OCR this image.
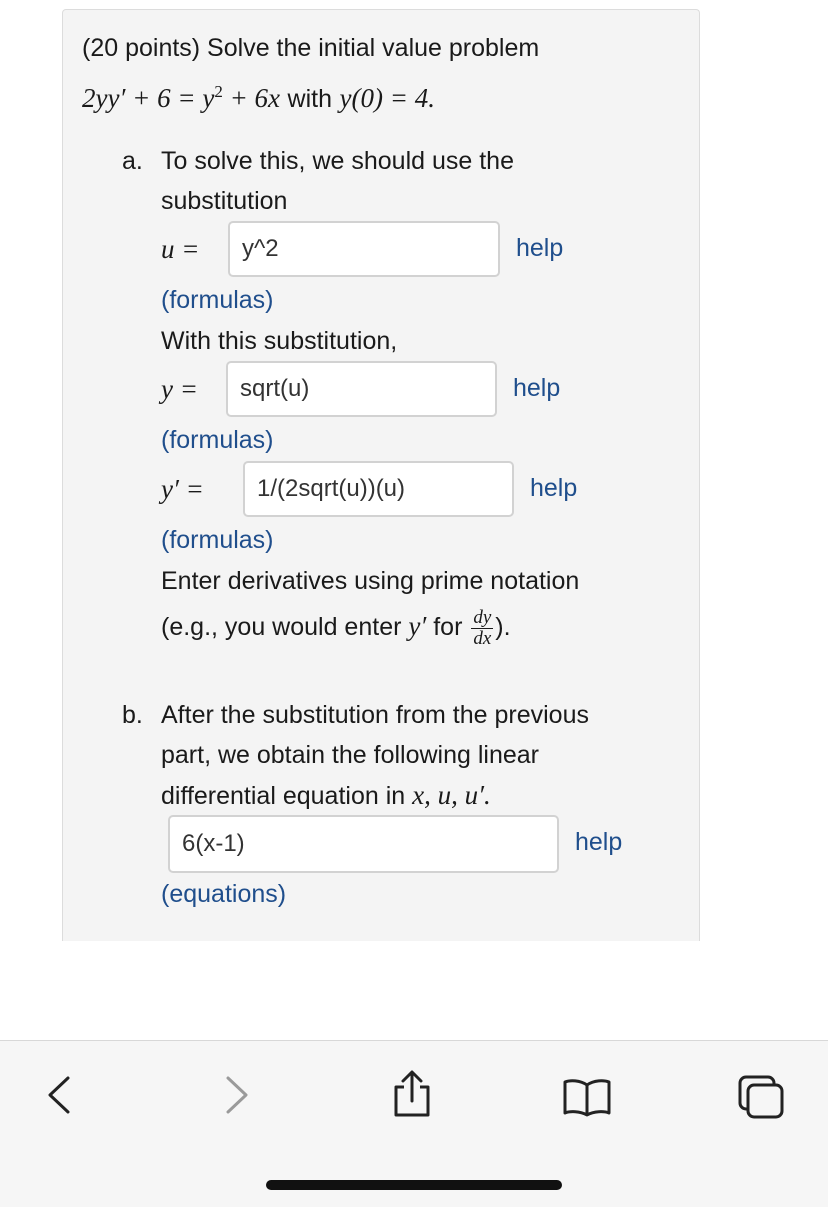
(20 points) Solve the initial value problem
$2yy' + 6 = y^2 + 6x$ with y(0) = 4.
a. To solve this, we should use the
substitution
u =	y^2	help
(formulas)
With this substitution,
y =	sqrt(u)	help
(formulas)
y′ =	1/(2sqrt(u))(u)	help
(formulas)
Enter derivatives using prime notation
(e.g., you would enter y′ for $\frac{dy}{dx}$ ).
b. After the substitution from the previous
part, we obtain the following linear
differential equation in x, u, u′.
6(x-1)	help
(equations)
